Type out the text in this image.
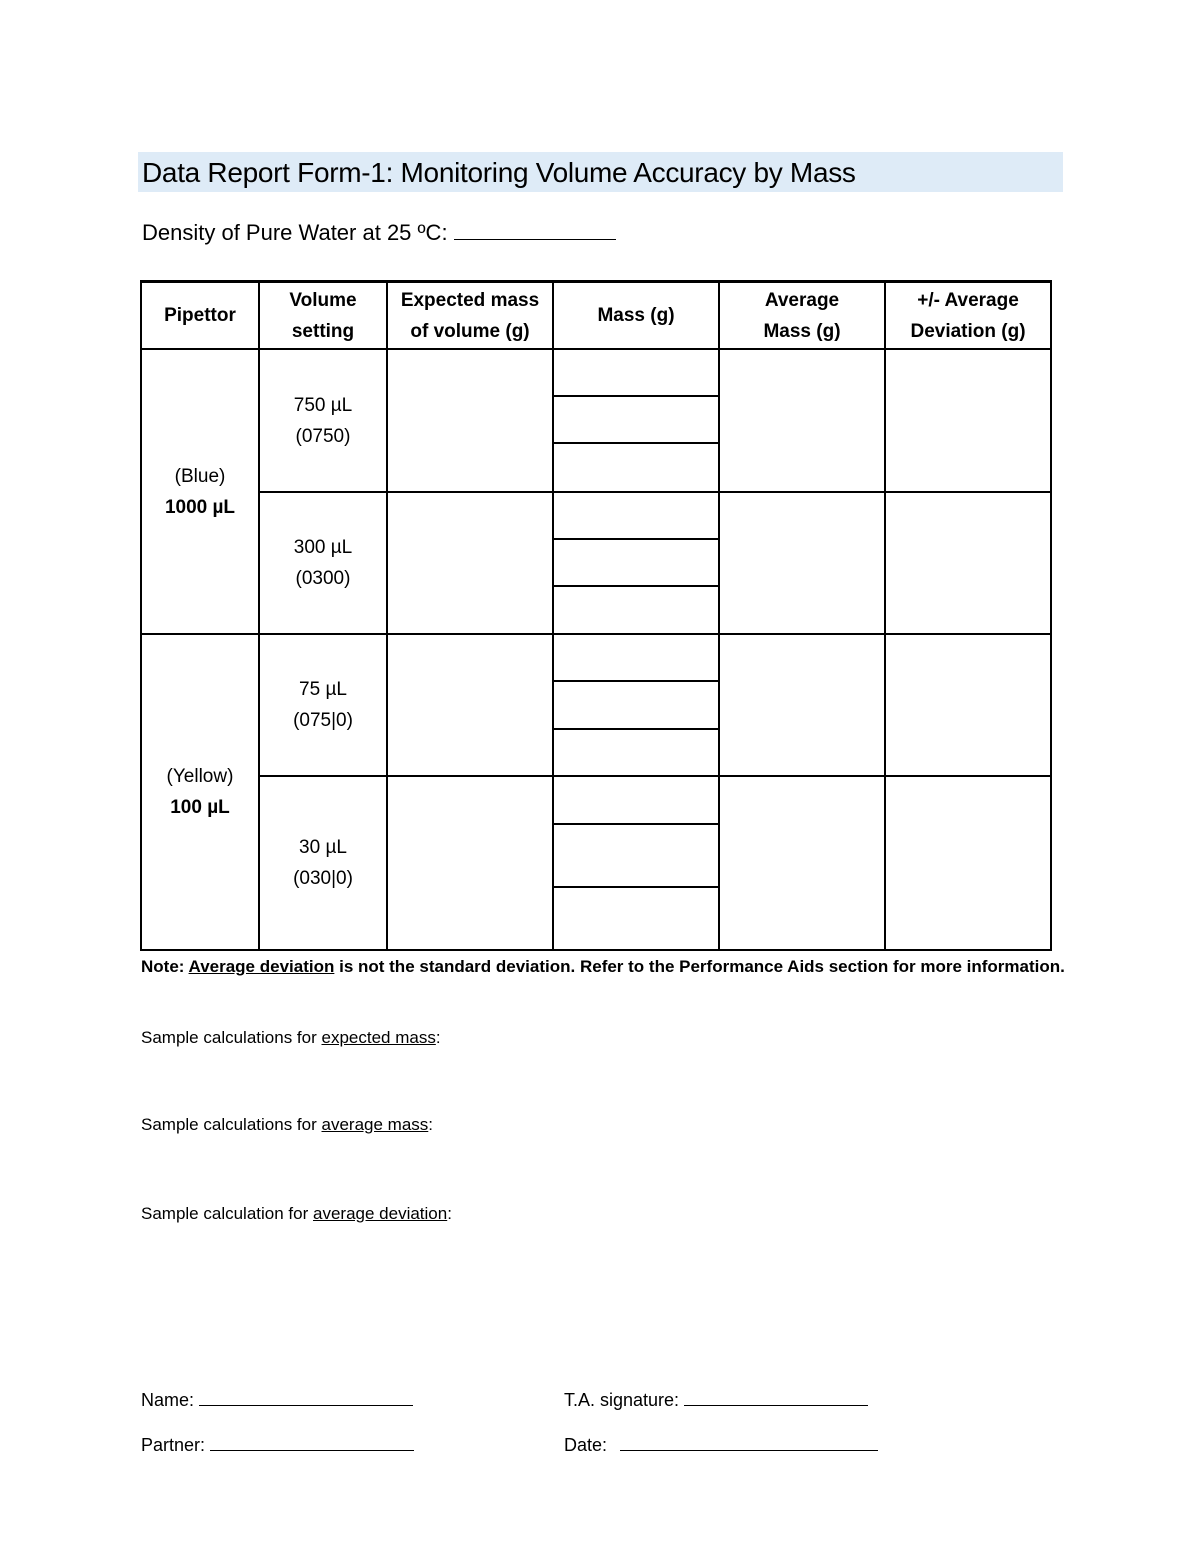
Data Report Form-1: Monitoring Volume Accuracy by Mass
Density of Pure Water at 25 ºC:
Pipettor
Volume
setting
Expected mass
of volume (g)
Mass (g)
Average
Mass (g)
+/- Average
Deviation (g)
(Blue)
1000 µL
(Yellow)
100 µL
750 µL
(0750)
300 µL
(0300)
75 µL
(075|0)
30 µL
(030|0)
Note: Average deviation is not the standard deviation. Refer to the Performance Aids section for more information.
Sample calculations for expected mass:
Sample calculations for average mass:
Sample calculation for average deviation:
Name:
Partner:
T.A. signature:
Date:
